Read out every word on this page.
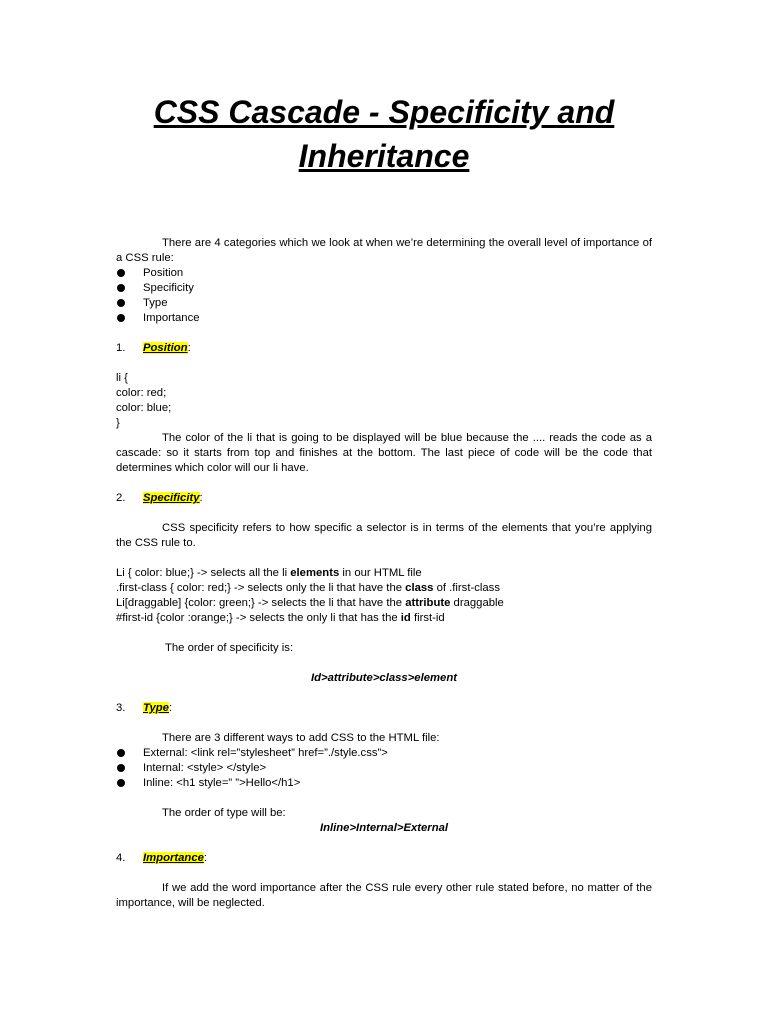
CSS Cascade - Specificity and
Inheritance

There are 4 categories which we look at when we’re determining the overall level of importance of a CSS rule:

Position
Specificity
Type
Importance
1. Position:
li {
color: red;
color: blue;
}

The color of the li that is going to be displayed will be blue because the .... reads the code as a cascade: so it starts from top and finishes at the bottom. The last piece of code will be the code that determines which color will our li have.

2. Specificity:

CSS specificity refers to how specific a selector is in terms of the elements that you’re applying the CSS rule to.

Li { color: blue;} -> selects all the li elements in our HTML file
.first-class { color: red;} -> selects only the li that have the class of .first-class
Li[draggable] {color: green;} -> selects the li that have the attribute draggable
#first-id {color :orange;} -> selects the only li that has the id first-id
The order of specificity is:
Id>attribute>class>element
3. Type:
There are 3 different ways to add CSS to the HTML file:
External: <link rel=”stylesheet” href=”./style.css”>
Internal: <style> </style>
Inline: <h1 style=” ”>Hello</h1>
The order of type will be:
Inline>Internal>External
4. Importance:

If we add the word importance after the CSS rule every other rule stated before, no matter of the importance, will be neglected.
